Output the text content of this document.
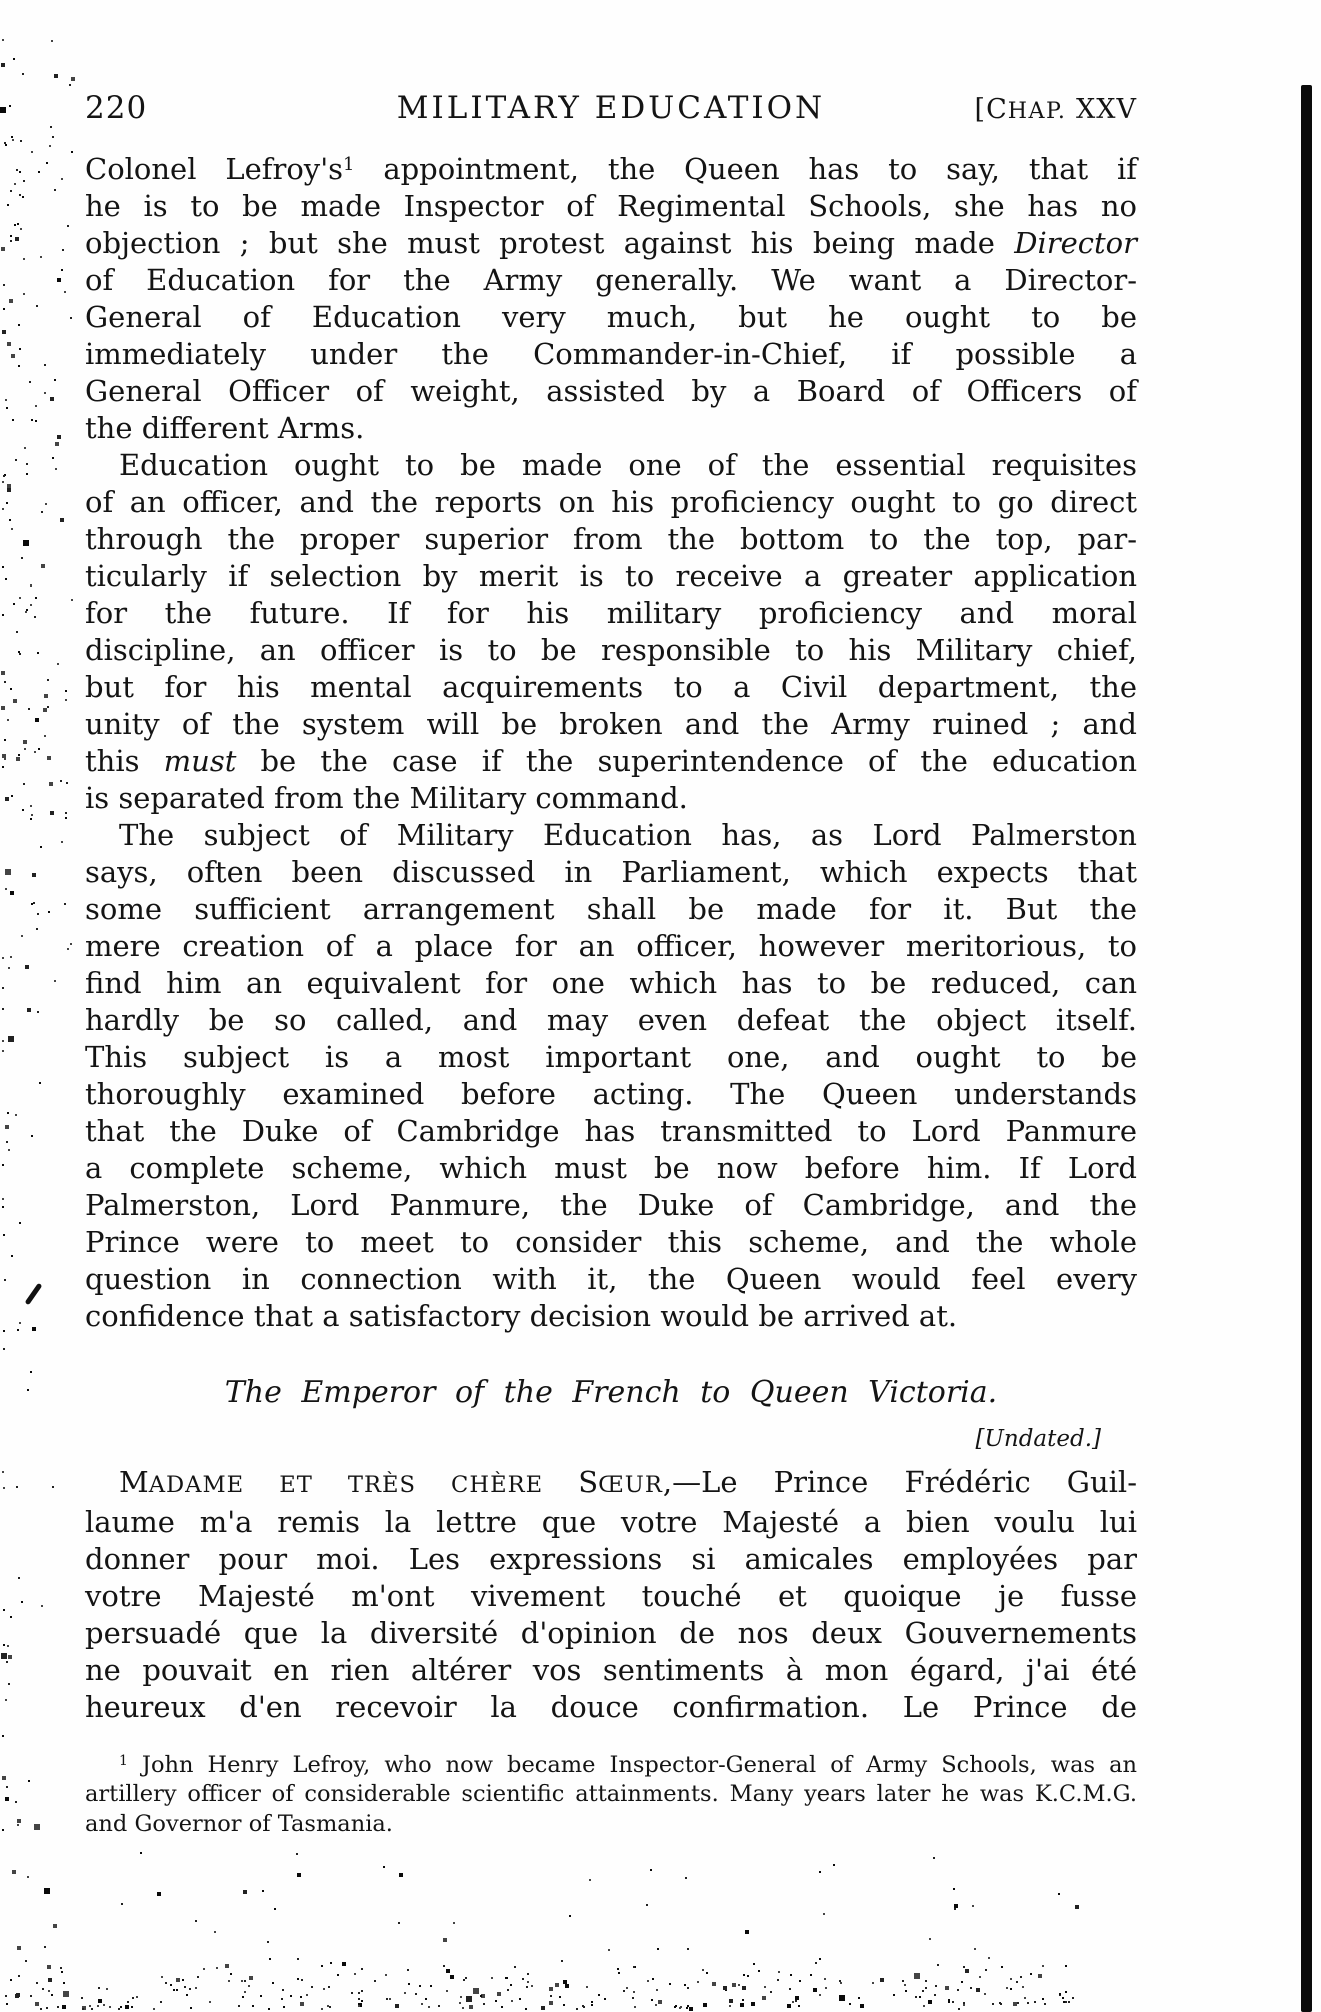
220	MILITARY EDUCATION	[CHAP. XXV
Colonel $Lefroy's^1$ appointment, the Queen has to say, that if
he is to be made Inspector of Regimental Schools, she has no
objection ; but she must protest against his being made Director
of Education for the Army generally. We want a Director-
General of Education very much, but he ought to be
immediately under the Commander-in-Chief, if possible a
General Officer of weight, assisted by a Board of Officers of
the different Arms.
Education ought to be made one of the essential requisites
of an officer, and the reports on his proficiency ought to go direct
through the proper superior from the bottom to the top, par-
ticularly if selection by merit is to receive a greater application
for the future. If for his military proficiency and moral
discipline, an officer is to be responsible to his Military chief,
but for his mental acquirements to a Civil department, the
unity of the system will be broken and the Army ruined ; and
this must be the case if the superintendence of the education
is separated from the Military command.
The subject of Military Education has, as Lord Palmerston
says, often been discussed in Parliament, which expects that
some sufficient arrangement shall be made for it. But the
mere creation of a place for an officer, however meritorious, to
find him an equivalent for one which has to be reduced, can
hardly be so called, and may even defeat the object itself.
This subject is a most important one, and ought to be
thoroughly examined before acting. The Queen understands
that the Duke of Cambridge has transmitted to Lord Panmure
a complete scheme, which must be now before him. If Lord
Palmerston, Lord Panmure, the Duke of Cambridge, and the
Prince were to meet to consider this scheme, and the whole
question in connection with it, the Queen would feel every
confidence that a satisfactory decision would be arrived at.
The Emperor of the French to Queen Victoria.
[Undated.]
MADAME ET TRÈS CHÈRE SŒUR,—Le Prince Frédéric Guil-
laume m'a remis la lettre que votre Majesté a bien voulu lui
donner pour moi. Les expressions si amicales employées par
votre Majesté m'ont vivement touché et quoique je fusse
persuadé que la diversité d'opinion de nos deux Gouvernements
ne pouvait en rien altérer vos sentiments à mon égard, j'ai été
heureux d'en recevoir la douce confirmation. Le Prince de
$^1$ John Henry Lefroy, who now became Inspector-General of Army Schools, was an
artillery officer of considerable scientific attainments. Many years later he was K.C.M.G.
and Governor of Tasmania.
